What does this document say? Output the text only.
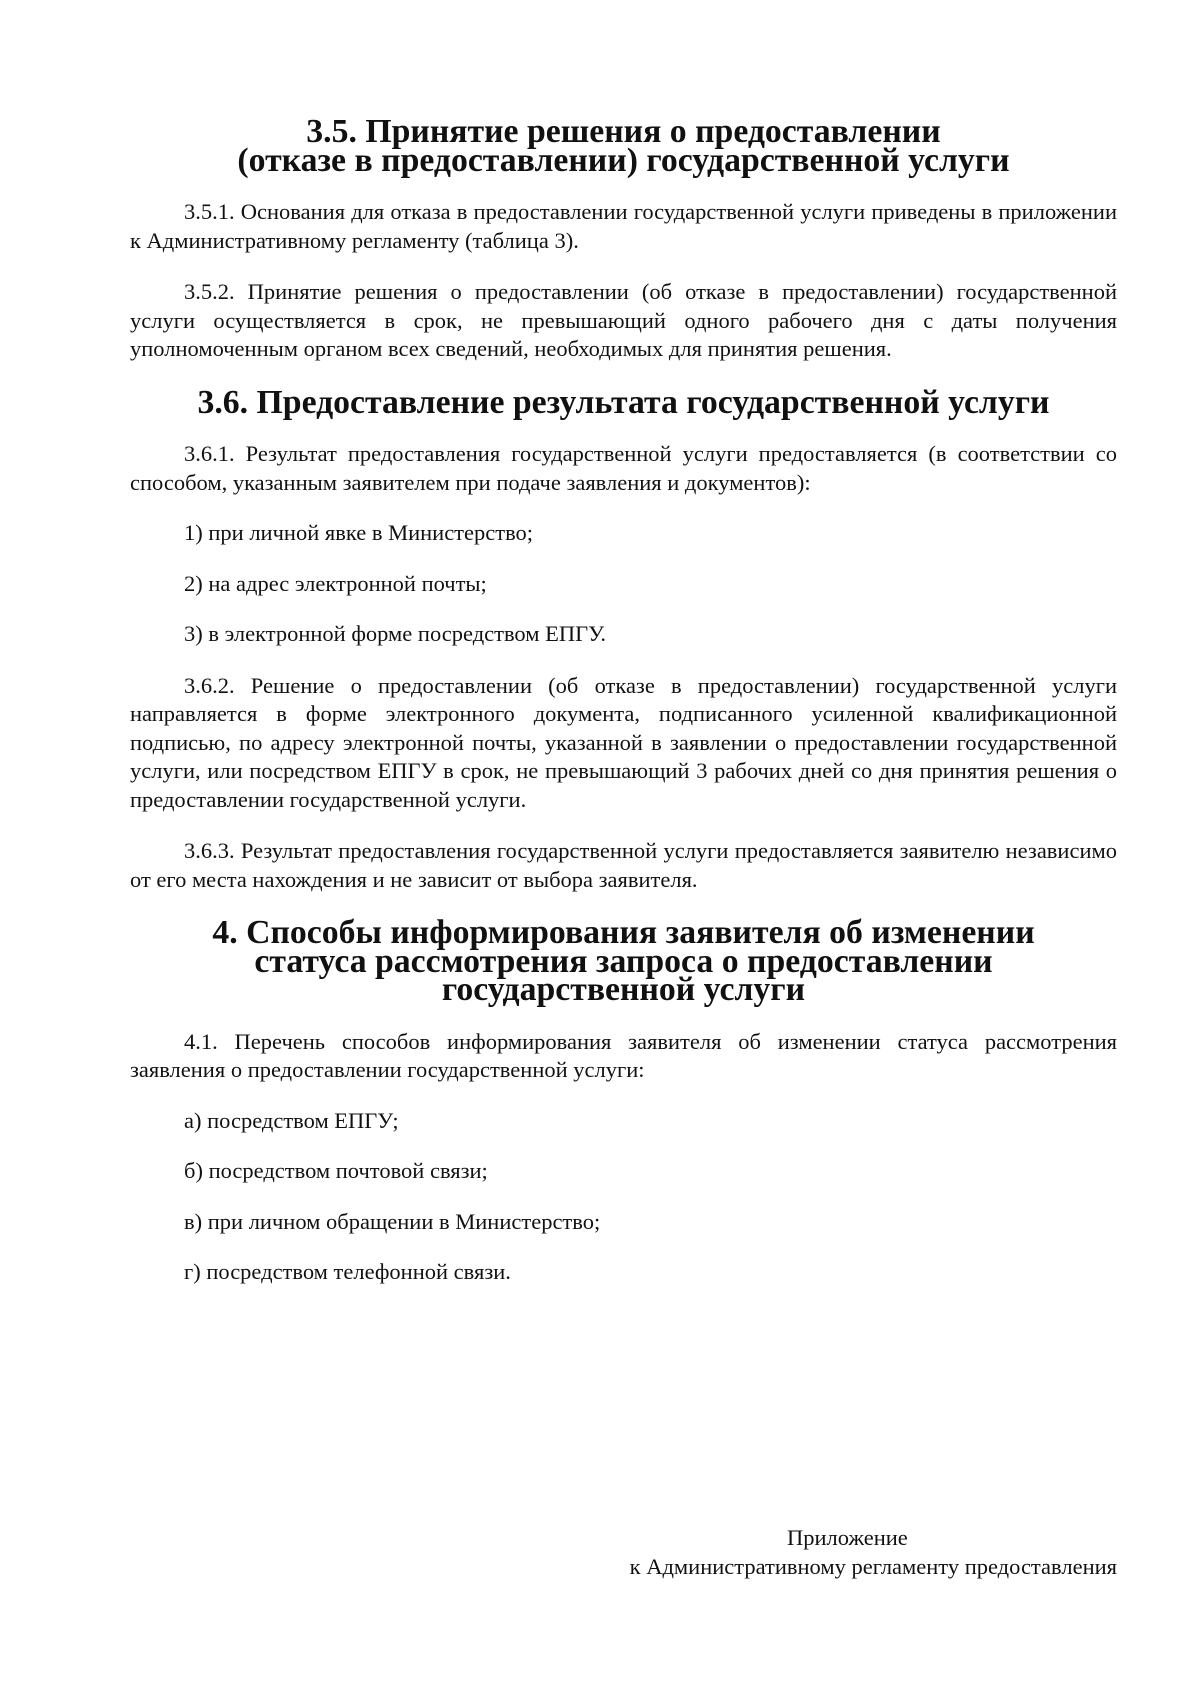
3.5. Принятие решения о предоставлении
(отказе в предоставлении) государственной услуги

3.5.1. Основания для отказа в предоставлении государственной услуги приведены в приложении к Административному регламенту (таблица 3).

3.5.2. Принятие решения о предоставлении (об отказе в предоставлении) государственной услуги осуществляется в срок, не превышающий одного рабочего дня с даты получения уполномоченным органом всех сведений, необходимых для принятия решения.

3.6. Предоставление результата государственной услуги

3.6.1. Результат предоставления государственной услуги предоставляется (в соответствии со способом, указанным заявителем при подаче заявления и документов):

1) при личной явке в Министерство;

2) на адрес электронной почты;

3) в электронной форме посредством ЕПГУ.

3.6.2. Решение о предоставлении (об отказе в предоставлении) государственной услуги направляется в форме электронного документа, подписанного усиленной квалификационной подписью, по адресу электронной почты, указанной в заявлении о предоставлении государственной услуги, или посредством ЕПГУ в срок, не превышающий 3 рабочих дней со дня принятия решения о предоставлении государственной услуги.

3.6.3. Результат предоставления государственной услуги предоставляется заявителю независимо от его места нахождения и не зависит от выбора заявителя.

4. Способы информирования заявителя об изменении
статуса рассмотрения запроса о предоставлении
государственной услуги

4.1. Перечень способов информирования заявителя об изменении статуса рассмотрения заявления о предоставлении государственной услуги:

а) посредством ЕПГУ;

б) посредством почтовой связи;

в) при личном обращении в Министерство;

г) посредством телефонной связи.

Приложение
к Административному регламенту предоставления
